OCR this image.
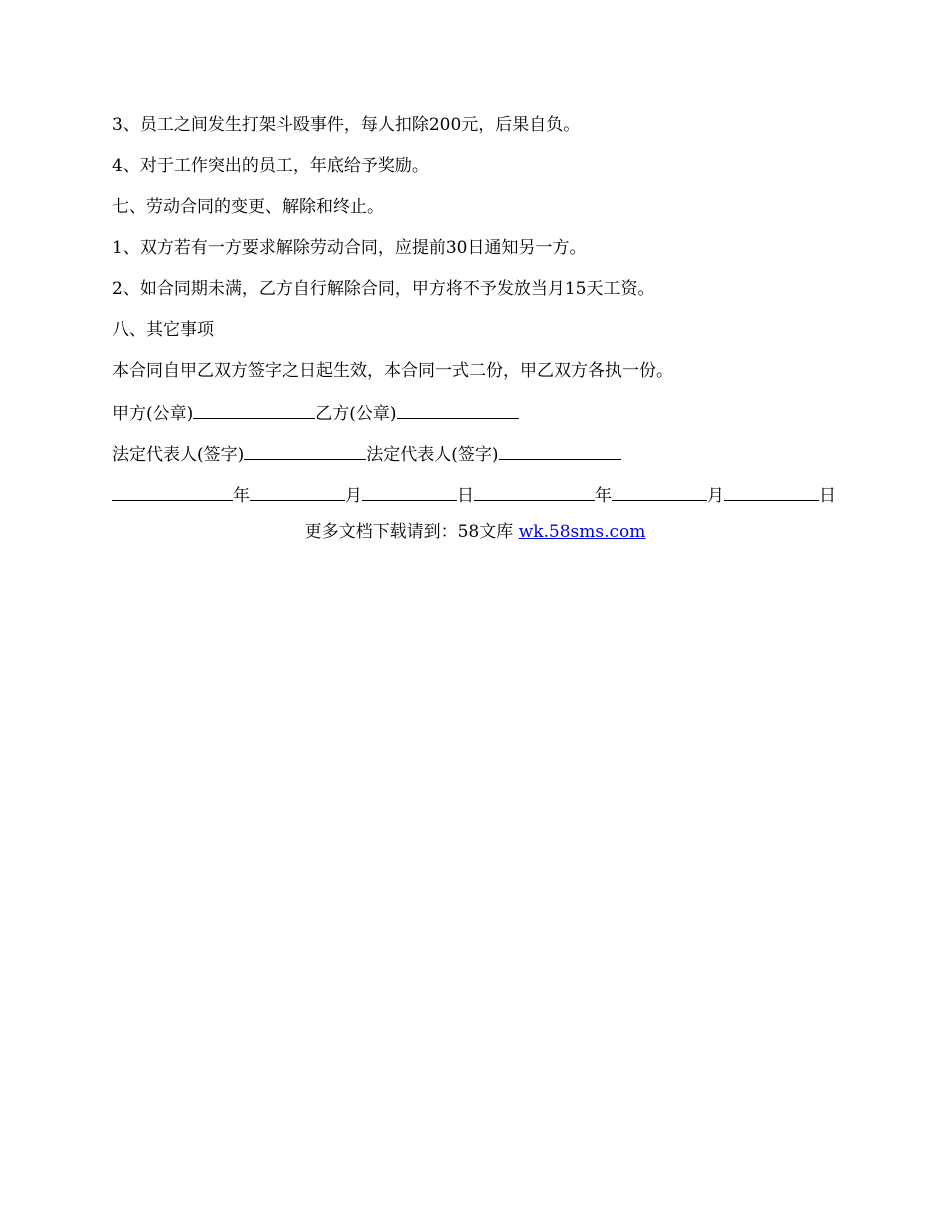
3、员工之间发生打架斗殴事件，每人扣除200元，后果自负。
4、对于工作突出的员工，年底给予奖励。
七、劳动合同的变更、解除和终止。
1、双方若有一方要求解除劳动合同，应提前30日通知另一方。
2、如合同期未满，乙方自行解除合同，甲方将不予发放当月15天工资。
八、其它事项
本合同自甲乙双方签字之日起生效，本合同一式二份，甲乙双方各执一份。
甲方(公章)	乙方(公章)
法定代表人(签字)	法定代表人(签字)
年	月	日	年	月	日
更多文档下载请到：58文库 wk.58sms.com
